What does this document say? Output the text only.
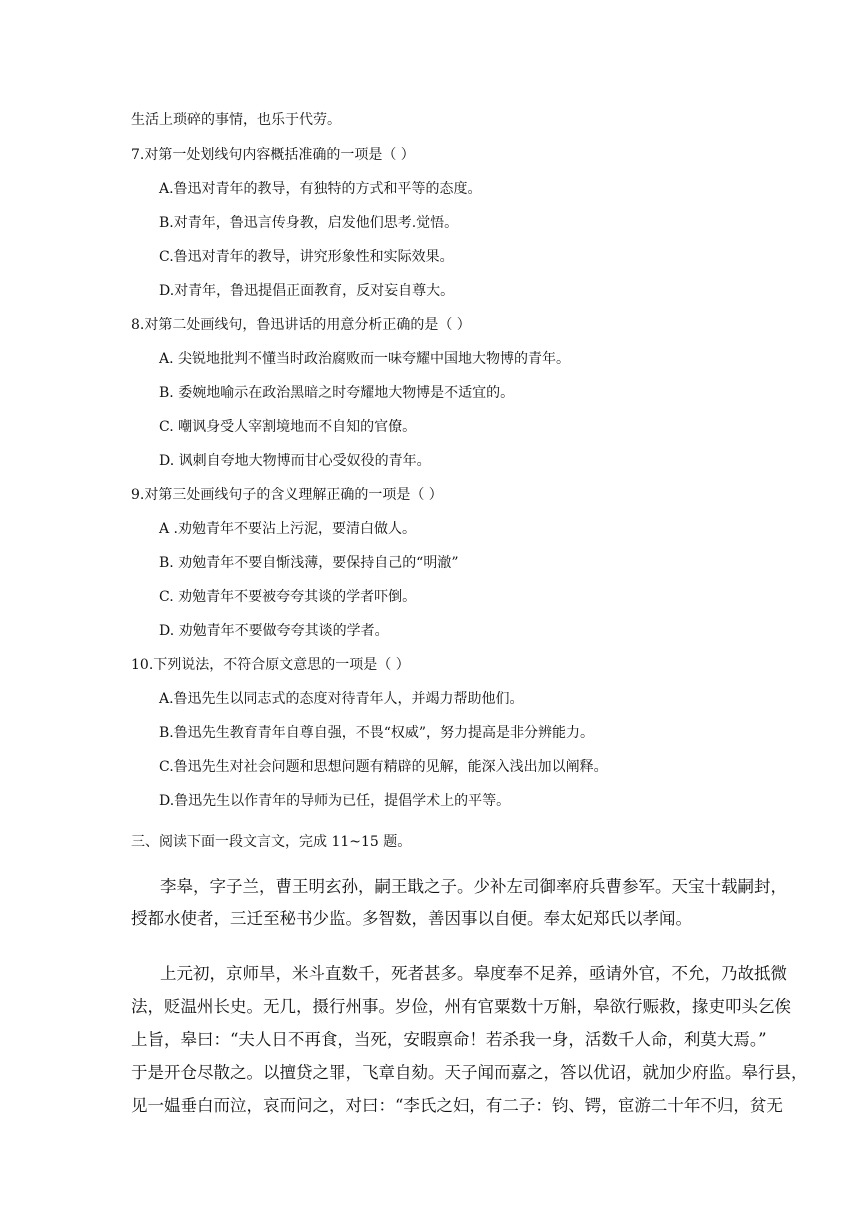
生活上琐碎的事情，也乐于代劳。
7.对第一处划线句内容概括准确的一项是（ ）
A.鲁迅对青年的教导，有独特的方式和平等的态度。
B.对青年，鲁迅言传身教，启发他们思考.觉悟。
C.鲁迅对青年的教导，讲究形象性和实际效果。
D.对青年，鲁迅提倡正面教育，反对妄自尊大。
8.对第二处画线句，鲁迅讲话的用意分析正确的是（ ）
A. 尖锐地批判不懂当时政治腐败而一味夸耀中国地大物博的青年。
B. 委婉地喻示在政治黑暗之时夸耀地大物博是不适宜的。
C. 嘲讽身受人宰割境地而不自知的官僚。
D. 讽刺自夸地大物博而甘心受奴役的青年。
9.对第三处画线句子的含义理解正确的一项是（ ）
A .劝勉青年不要沾上污泥，要清白做人。
B. 劝勉青年不要自惭浅薄，要保持自己的“明澈”
C. 劝勉青年不要被夸夸其谈的学者吓倒。
D. 劝勉青年不要做夸夸其谈的学者。
10.下列说法，不符合原文意思的一项是（ ）
A.鲁迅先生以同志式的态度对待青年人，并竭力帮助他们。
B.鲁迅先生教育青年自尊自强，不畏“权威”，努力提高是非分辨能力。
C.鲁迅先生对社会问题和思想问题有精辟的见解，能深入浅出加以阐释。
D.鲁迅先生以作青年的导师为已任，提倡学术上的平等。
三、阅读下面一段文言文，完成 11~15 题。
李皋，字子兰，曹王明玄孙，嗣王戢之子。少补左司御率府兵曹参军。天宝十载嗣封，
授都水使者，三迁至秘书少监。多智数，善因事以自便。奉太妃郑氏以孝闻。
上元初，京师旱，米斗直数千，死者甚多。皋度奉不足养，亟请外官，不允，乃故抵微
法，贬温州长史。无几，摄行州事。岁俭，州有官粟数十万斛，皋欲行赈救，掾吏叩头乞俟
上旨，皋曰：“夫人日不再食，当死，安暇禀命！若杀我一身，活数千人命，利莫大焉。”
于是开仓尽散之。以擅贷之罪，飞章自劾。天子闻而嘉之，答以优诏，就加少府监。皋行县，
见一媪垂白而泣，哀而问之，对曰：“李氏之妇，有二子：钧、锷，宦游二十年不归，贫无
